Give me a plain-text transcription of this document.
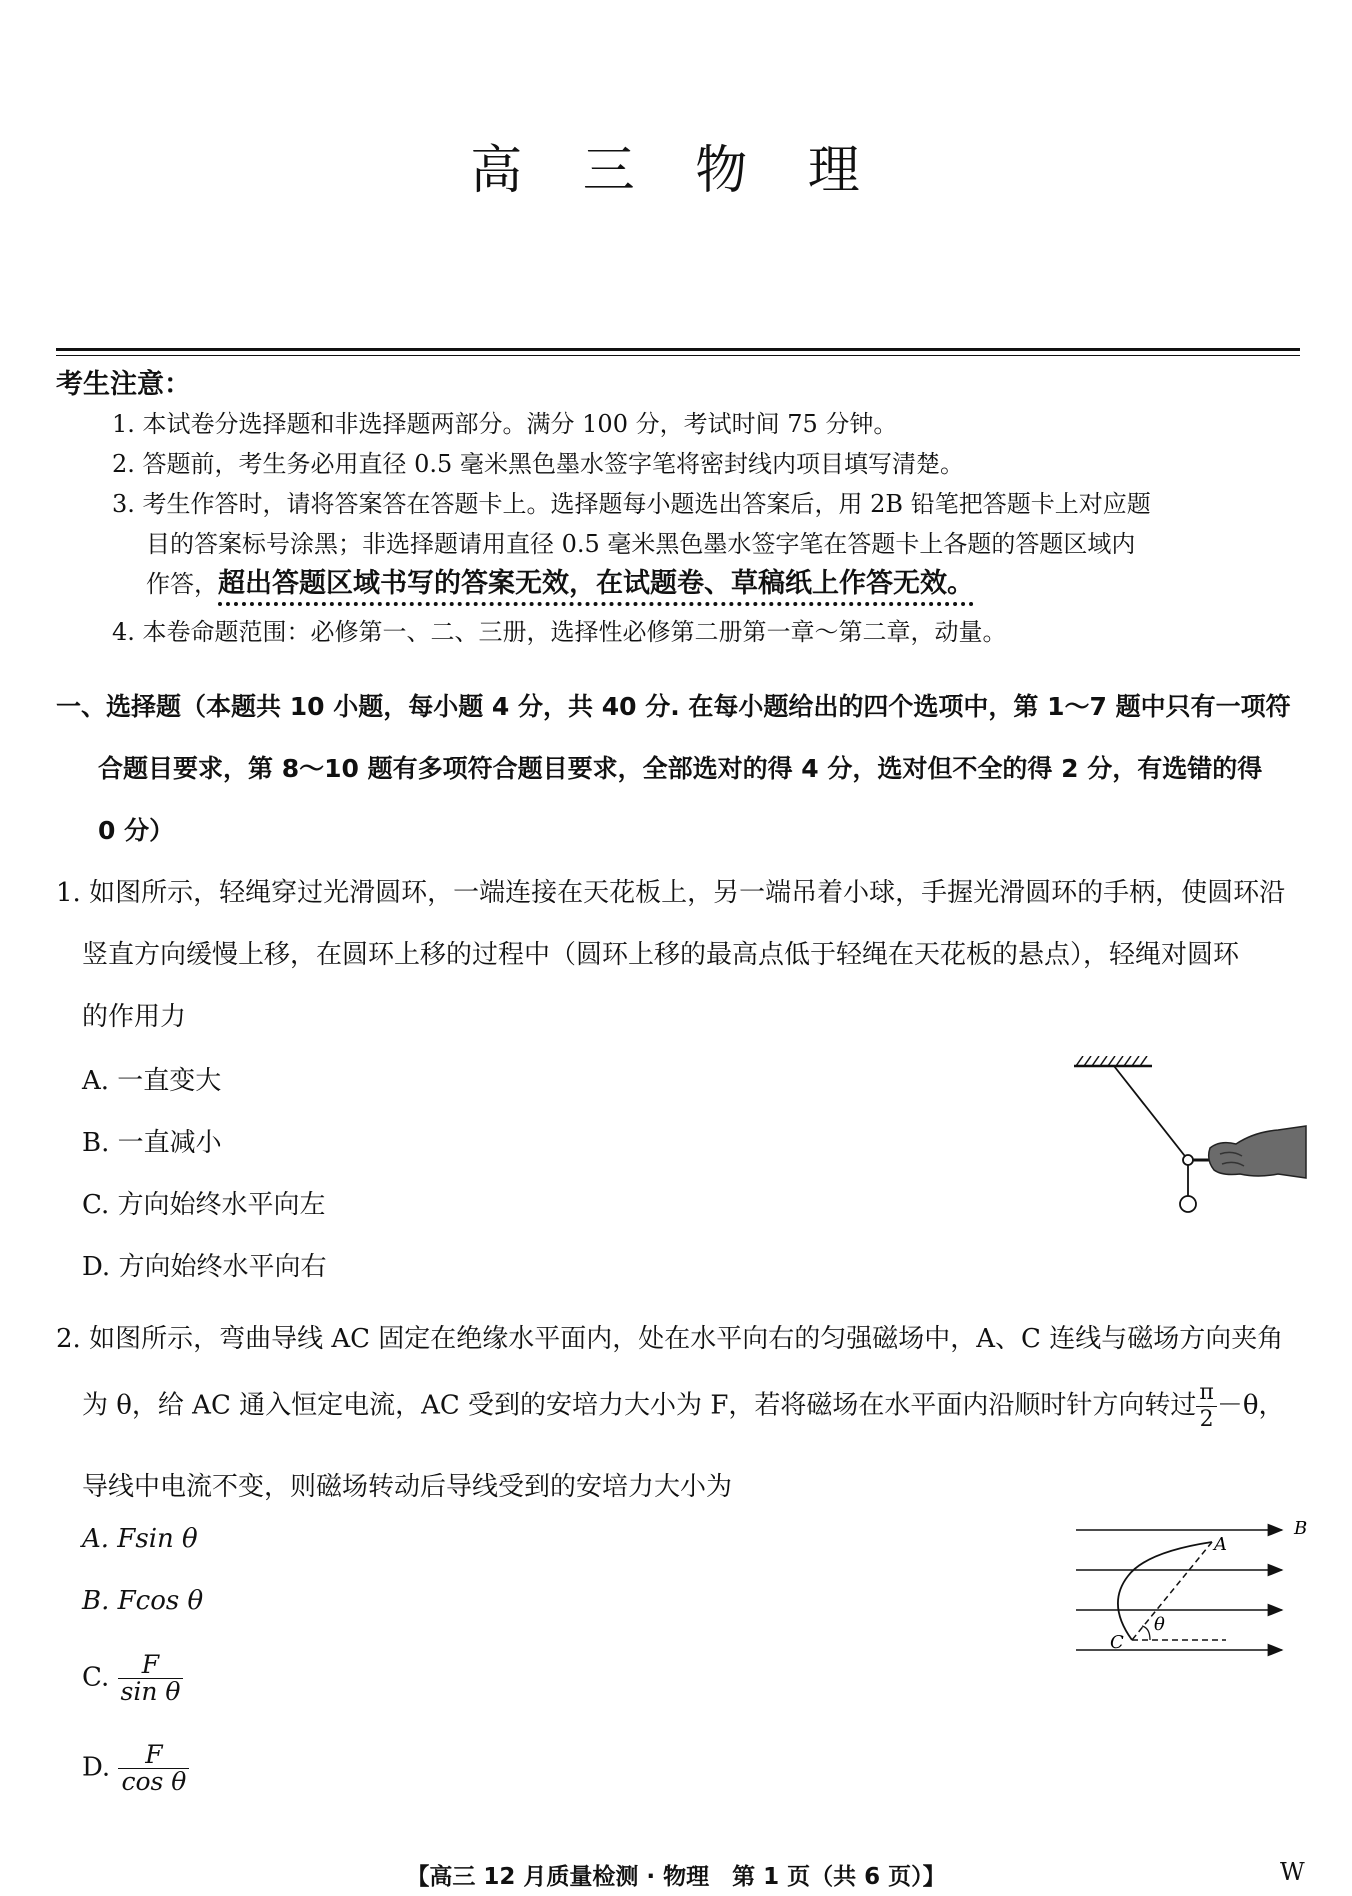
高 三 物 理
考生注意：
1. 本试卷分选择题和非选择题两部分。满分 100 分，考试时间 75 分钟。
2. 答题前，考生务必用直径 0.5 毫米黑色墨水签字笔将密封线内项目填写清楚。
3. 考生作答时，请将答案答在答题卡上。选择题每小题选出答案后，用 2B 铅笔把答题卡上对应题
目的答案标号涂黑；非选择题请用直径 0.5 毫米黑色墨水签字笔在答题卡上各题的答题区域内
作答，超出答题区域书写的答案无效，在试题卷、草稿纸上作答无效。
4. 本卷命题范围：必修第一、二、三册，选择性必修第二册第一章～第二章，动量。
一、选择题（本题共 10 小题，每小题 4 分，共 40 分. 在每小题给出的四个选项中，第 1～7 题中只有一项符
合题目要求，第 8～10 题有多项符合题目要求，全部选对的得 4 分，选对但不全的得 2 分，有选错的得
0 分）
1. 如图所示，轻绳穿过光滑圆环，一端连接在天花板上，另一端吊着小球，手握光滑圆环的手柄，使圆环沿
竖直方向缓慢上移，在圆环上移的过程中（圆环上移的最高点低于轻绳在天花板的悬点），轻绳对圆环
的作用力
A. 一直变大
B. 一直减小
C. 方向始终水平向左
D. 方向始终水平向右
2. 如图所示，弯曲导线 AC 固定在绝缘水平面内，处在水平向右的匀强磁场中，A、C 连线与磁场方向夹角
为 θ，给 AC 通入恒定电流，AC 受到的安培力大小为 F，若将磁场在水平面内沿顺时针方向转过 $\frac{\pi}{2} -\theta$，
导线中电流不变，则磁场转动后导线受到的安培力大小为
A. Fsin θ
B. Fcos θ
C. $\frac{F}{\text{sin θ}}$
D. $\frac{F}{\text{cos θ}}$
A
B
C
θ
【高三 12 月质量检测 · 物理　第 1 页（共 6 页）】	W
